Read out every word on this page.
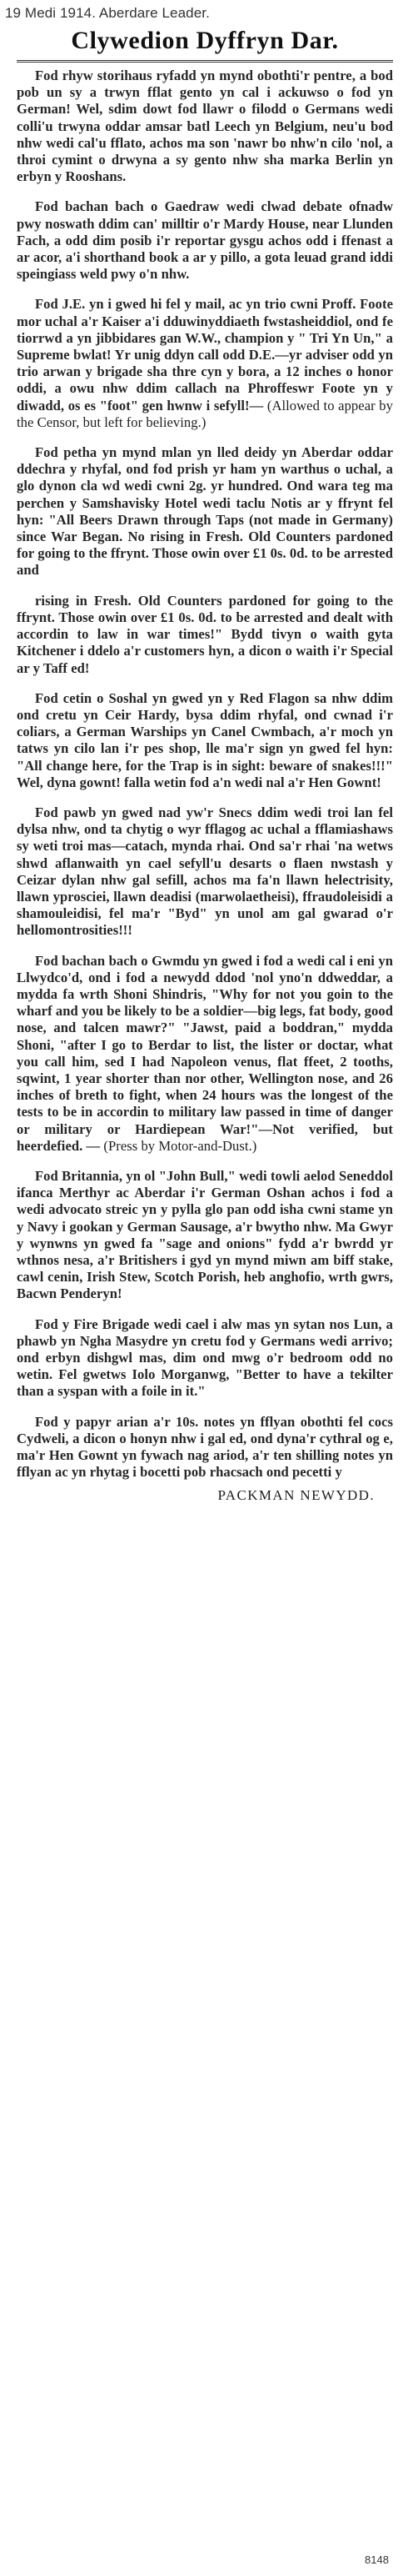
19 Medi 1914. Aberdare Leader.
Clywedion Dyffryn Dar.

Fod rhyw storihaus ryfadd yn mynd obothti'r pentre, a bod pob un sy a trwyn fflat gento yn cal i ackuwso o fod yn German! Wel, sdim dowt fod llawr o filodd o Germans wedi colli'u trwyna oddar amsar batl Leech yn Belgium, neu'u bod nhw wedi cal'u fflato, achos ma son 'nawr bo nhw'n cilo 'nol, a throi cymint o drwyna a sy gento nhw sha marka Berlin yn erbyn y Rooshans.

Fod bachan bach o Gaedraw wedi clwad debate ofnadw pwy noswath ddim can' milltir o'r Mardy House, near Llunden Fach, a odd dim posib i'r reportar gysgu achos odd i ffenast a ar acor, a'i shorthand book a ar y pillo, a gota leuad grand iddi speingiass weld pwy o'n nhw.

Fod J.E. yn i gwed hi fel y mail, ac yn trio cwni Proff. Foote mor uchal a'r Kaiser a'i dduwinyddiaeth fwstasheiddiol, ond fe tiorrwd a yn jibbidares gan W.W., champion y " Tri Yn Un," a Supreme bwlat! Yr unig ddyn call odd D.E.—yr adviser odd yn trio arwan y brigade sha thre cyn y bora, a 12 inches o honor oddi, a owu nhw ddim callach na Phroffeswr Foote yn y diwadd, os es "foot" gen hwnw i sefyll!— (Allowed to appear by the Censor, but left for believing.)

Fod petha yn mynd mlan yn lled deidy yn Aberdar oddar ddechra y rhyfal, ond fod prish yr ham yn warthus o uchal, a glo dynon cla wd wedi cwni 2g. yr hundred. Ond wara teg ma perchen y Samshavisky Hotel wedi taclu Notis ar y ffrynt fel hyn: "All Beers Drawn through Taps (not made in Germany) since War Began. No rising in Fresh. Old Counters pardoned for going to the ffrynt. Those owin over £1 0s. 0d. to be arrested and

rising in Fresh. Old Counters pardoned for going to the ffrynt. Those owin over £1 0s. 0d. to be arrested and dealt with accordin to law in war times!" Bydd tivyn o waith gyta Kitchener i ddelo a'r customers hyn, a dicon o waith i'r Special ar y Taff ed!

Fod cetin o Soshal yn gwed yn y Red Flagon sa nhw ddim ond cretu yn Ceir Hardy, bysa ddim rhyfal, ond cwnad i'r coliars, a German Warships yn Canel Cwmbach, a'r moch yn tatws yn cilo lan i'r pes shop, lle ma'r sign yn gwed fel hyn: "All change here, for the Trap is in sight: beware of snakes!!!" Wel, dyna gownt! falla wetin fod a'n wedi nal a'r Hen Gownt!

Fod pawb yn gwed nad yw'r Snecs ddim wedi troi lan fel dylsa nhw, ond ta chytig o wyr fflagog ac uchal a fflamiashaws sy weti troi mas—catach, mynda rhai. Ond sa'r rhai 'na wetws shwd aflanwaith yn cael sefyll'u desarts o flaen nwstash y Ceizar dylan nhw gal sefill, achos ma fa'n llawn helectrisity, llawn yprosciei, llawn deadisi (marwolaetheisi), ffraudoleisidi a shamouleidisi, fel ma'r "Byd" yn unol am gal gwarad o'r hellomontrosities!!!

Fod bachan bach o Gwmdu yn gwed i fod a wedi cal i eni yn Llwydco'd, ond i fod a newydd ddod 'nol yno'n ddweddar, a mydda fa wrth Shoni Shindris, "Why for not you goin to the wharf and you be likely to be a soldier—big legs, fat body, good nose, and talcen mawr?" "Jawst, paid a boddran," mydda Shoni, "after I go to Berdar to list, the lister or doctar, what you call him, sed I had Napoleon venus, flat ffeet, 2 tooths, sqwint, 1 year shorter than nor other, Wellington nose, and 26 inches of breth to fight, when 24 hours was the longest of the tests to be in accordin to military law passed in time of danger or military or Hardiepean War!"—Not verified, but heerdefied. — (Press by Motor-and-Dust.)

Fod Britannia, yn ol "John Bull," wedi towli aelod Seneddol ifanca Merthyr ac Aberdar i'r German Oshan achos i fod a wedi advocato streic yn y pylla glo pan odd isha cwni stame yn y Navy i gookan y German Sausage, a'r bwytho nhw. Ma Gwyr y wynwns yn gwed fa "sage and onions" fydd a'r bwrdd yr wthnos nesa, a'r Britishers i gyd yn mynd miwn am biff stake, cawl cenin, Irish Stew, Scotch Porish, heb anghofio, wrth gwrs, Bacwn Penderyn!

Fod y Fire Brigade wedi cael i alw mas yn sytan nos Lun, a phawb yn Ngha Masydre yn cretu fod y Germans wedi arrivo; ond erbyn dishgwl mas, dim ond mwg o'r bedroom odd no wetin. Fel gwetws Iolo Morganwg, "Better to have a tekilter than a syspan with a foile in it."

Fod y papyr arian a'r 10s. notes yn fflyan obothti fel cocs Cydweli, a dicon o honyn nhw i gal ed, ond dyna'r cythral og e, ma'r Hen Gownt yn fywach nag ariod, a'r ten shilling notes yn fflyan ac yn rhytag i bocetti pob rhacsach ond pecetti y

PACKMAN NEWYDD.
8148
